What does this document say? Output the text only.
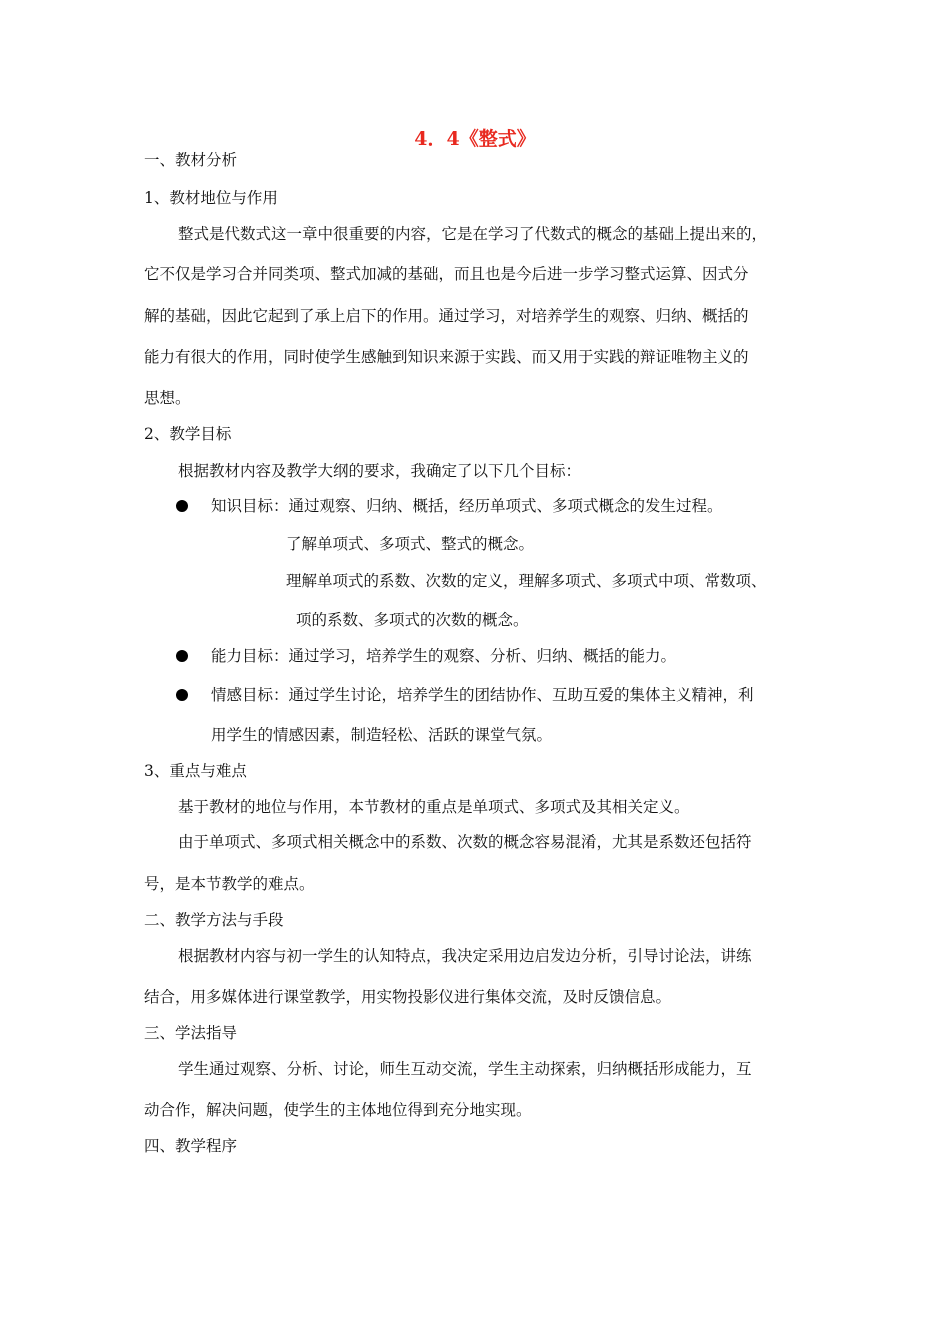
4．4《整式》
一、教材分析
1、教材地位与作用
整式是代数式这一章中很重要的内容，它是在学习了代数式的概念的基础上提出来的，
它不仅是学习合并同类项、整式加减的基础，而且也是今后进一步学习整式运算、因式分
解的基础，因此它起到了承上启下的作用。通过学习，对培养学生的观察、归纳、概括的
能力有很大的作用，同时使学生感触到知识来源于实践、而又用于实践的辩证唯物主义的
思想。
2、教学目标
根据教材内容及教学大纲的要求，我确定了以下几个目标：
知识目标：通过观察、归纳、概括，经历单项式、多项式概念的发生过程。
了解单项式、多项式、整式的概念。
理解单项式的系数、次数的定义，理解多项式、多项式中项、常数项、
项的系数、多项式的次数的概念。
能力目标：通过学习，培养学生的观察、分析、归纳、概括的能力。
情感目标：通过学生讨论，培养学生的团结协作、互助互爱的集体主义精神，利
用学生的情感因素，制造轻松、活跃的课堂气氛。
3、重点与难点
基于教材的地位与作用，本节教材的重点是单项式、多项式及其相关定义。
由于单项式、多项式相关概念中的系数、次数的概念容易混淆，尤其是系数还包括符
号，是本节教学的难点。
二、教学方法与手段
根据教材内容与初一学生的认知特点，我决定采用边启发边分析，引导讨论法，讲练
结合，用多媒体进行课堂教学，用实物投影仪进行集体交流，及时反馈信息。
三、学法指导
学生通过观察、分析、讨论，师生互动交流，学生主动探索，归纳概括形成能力，互
动合作，解决问题，使学生的主体地位得到充分地实现。
四、教学程序
